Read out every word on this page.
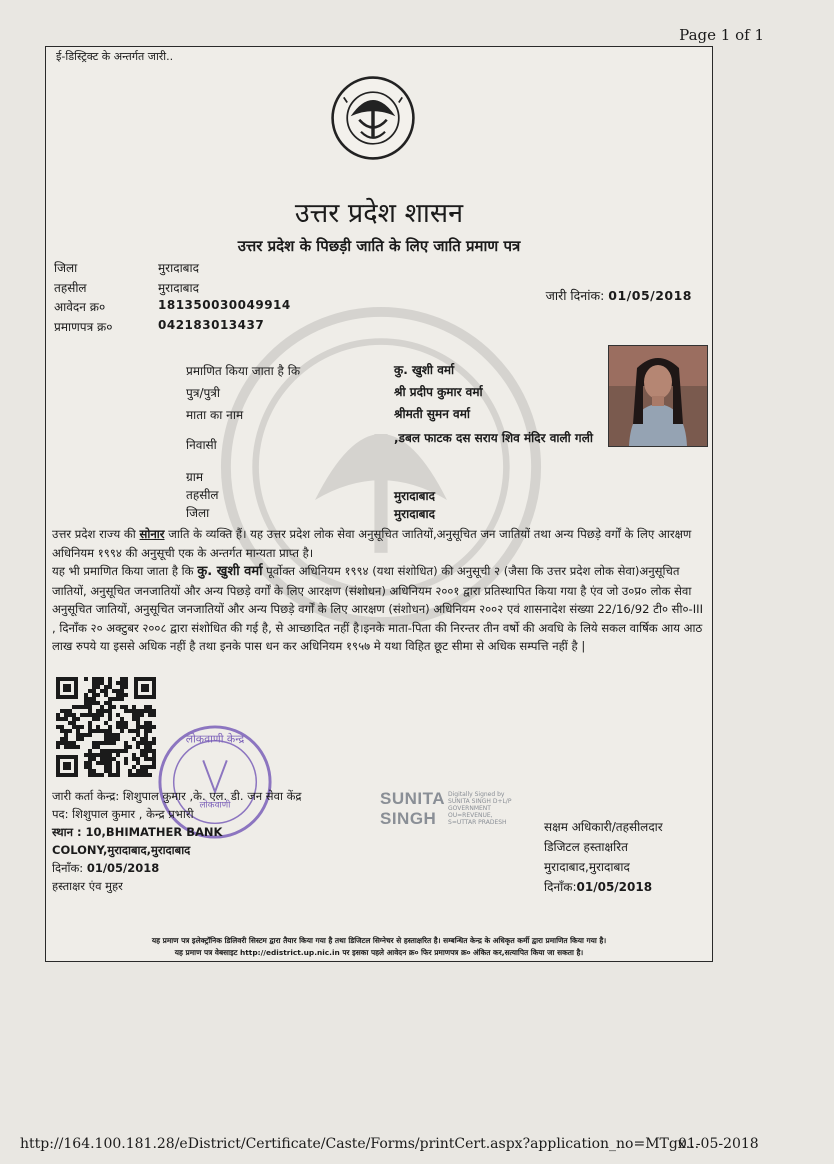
Page 1 of 1
ई-डिस्ट्रिक्ट के अन्तर्गत जारी..
उत्तर प्रदेश शासन
उत्तर प्रदेश के पिछड़ी जाति के लिए जाति प्रमाण पत्र
जिला	मुरादाबाद
तहसील	मुरादाबाद
आवेदन क्र०	181350030049914
प्रमाणपत्र क्र०	042183013437
जारी दिनांक: 01/05/2018
प्रमाणित किया जाता है कि	कु. खुशी वर्मा
पुत्र/पुत्री	श्री प्रदीप कुमार वर्मा
माता का नाम	श्रीमती सुमन वर्मा
निवासी	,डबल फाटक दस सराय शिव मंदिर वाली गली
ग्राम
तहसील	मुरादाबाद
जिला	मुरादाबाद
उत्तर प्रदेश राज्य की सोनार जाति के व्यक्ति हैं। यह उत्तर प्रदेश लोक सेवा अनुसूचित जातियों,अनुसूचित जन जातियों तथा अन्य पिछड़े वर्गों के लिए आरक्षण अधिनियम १९९४ की अनुसूची एक के अन्तर्गत मान्यता प्राप्त है।
यह भी प्रमाणित किया जाता है कि कु. खुशी वर्मा पूर्वोक्त अधिनियम १९९४ (यथा संशोधित) की अनुसूची २ (जैसा कि उत्तर प्रदेश लोक सेवा)अनुसूचित जातियों, अनुसूचित जनजातियों और अन्य पिछड़े वर्गों के लिए आरक्षण (संशोधन) अधिनियम २००१ द्वारा प्रतिस्थापित किया गया है एंव जो उ०प्र० लोक सेवा अनुसूचित जातियों, अनुसूचित जनजातियों और अन्य पिछड़े वर्गों के लिए आरक्षण (संशोधन) अधिनियम २००२ एवं शासनादेश संख्या 22/16/92 टी० सी०-III , दिनाँक २० अक्टुबर २००८ द्वारा संशोधित की गई है, से आच्छादित नहीं है।इनके माता-पिता की निरन्तर तीन वर्षो की अवधि के लिये सकल वार्षिक आय आठ लाख रुपये या इससे अधिक नहीं है तथा इनके पास धन कर अधिनियम १९५७ मे यथा विहित छूट सीमा से अधिक सम्पत्ति नहीं है |
लोकवाणी केन्द्र
लोकवाणी
जारी कर्ता केन्द्र: शिशुपाल कुमार ,के. एल. डी. जन सेवा केंद्र
पद: शिशुपाल कुमार , केन्द्र प्रभारी
स्थान : 10,BHIMATHER BANK
COLONY,मुरादाबाद,मुरादाबाद
दिनाँक: 01/05/2018
हस्ताक्षर एंव मुहर
SUNITA
SINGH
Digitally Signed by
SUNITA SINGH D+L/P
GOVERNMENT
OU=REVENUE,
S=UTTAR PRADESH	सक्षम अधिकारी/तहसीलदार
डिजिटल हस्ताक्षरित
मुरादाबाद,मुरादाबाद
दिनाँक:01/05/2018
यह प्रमाण पत्र इलेक्ट्रॉनिक डिलिवरी सिस्टम द्वारा तैयार किया गया है तथा डिजिटल सिग्नेचर से हस्ताक्षरित है। सम्बन्धित केन्द्र के अधिकृत कर्मी द्वारा प्रमाणित किया गया है।
यह प्रमाण पत्र वेबसाइट http://edistrict.up.nic.in पर इसका पहले आवेदन क्र० फिर प्रमाणपत्र क्र० अंकित कर,सत्यापित किया जा सकता है।
http://164.100.181.28/eDistrict/Certificate/Caste/Forms/printCert.aspx?application_no=MTgx...
01-05-2018
